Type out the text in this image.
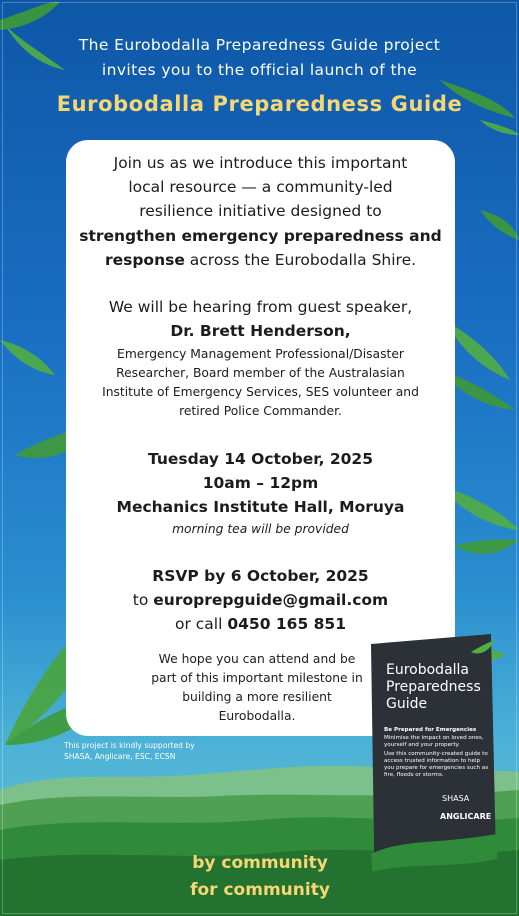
The Eurobodalla Preparedness Guide project
invites you to the official launch of the
Eurobodalla Preparedness Guide
Join us as we introduce this important
local resource — a community-led
resilience initiative designed to
strengthen emergency preparedness and
response across the Eurobodalla Shire.
We will be hearing from guest speaker,
Dr. Brett Henderson,
Emergency Management Professional/Disaster
Researcher, Board member of the Australasian
Institute of Emergency Services, SES volunteer and
retired Police Commander.
Tuesday 14 October, 2025
10am – 12pm
Mechanics Institute Hall, Moruya
morning tea will be provided
RSVP by 6 October, 2025
to europrepguide@gmail.com
or call 0450 165 851
We hope you can attend and be
part of this important milestone in
building a more resilient
Eurobodalla.
This project is kindly supported by
SHASA, Anglicare, ESC, ECSN
by community
for community
Eurobodalla
Preparedness
Guide
Be Prepared for Emergencies
Minimise the impact on loved ones,
yourself and your property.
Use this community-created guide to
access trusted information to help
you prepare for emergencies such as
fire, floods or storms.
SHASA
ANGLICARE
